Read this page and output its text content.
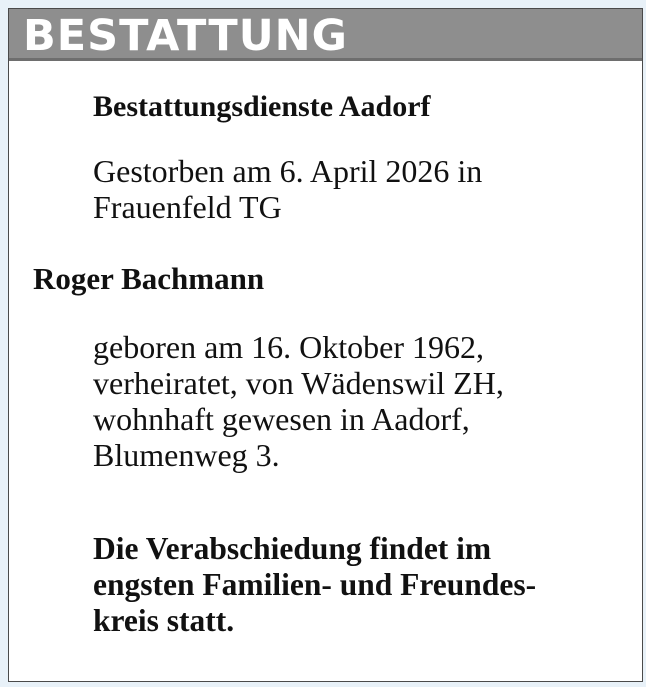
BESTATTUNG

Bestattungsdienste Aadorf

Gestorben am 6. April 2026 in
Frauenfeld TG

Roger Bachmann

geboren am 16. Oktober 1962,
verheiratet, von Wädenswil ZH,
wohnhaft gewesen in Aadorf,
Blumenweg 3.

Die Verabschiedung findet im
engsten Familien- und Freundes-
kreis statt.
